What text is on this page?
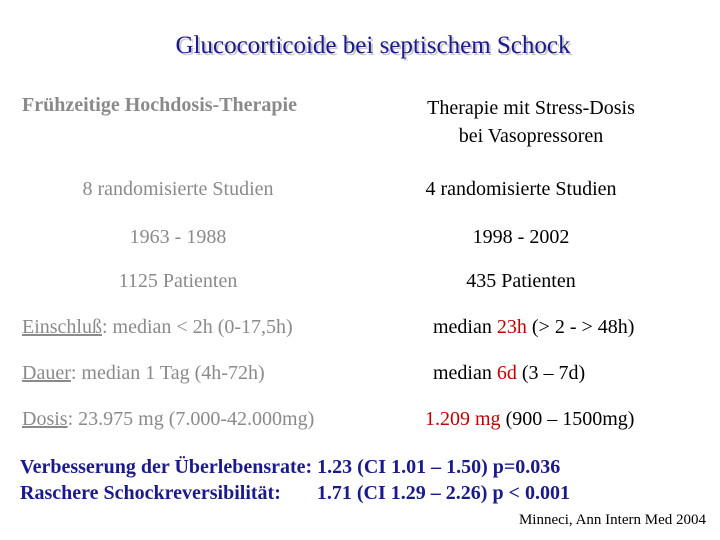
Glucocorticoide bei septischem Schock
Frühzeitige Hochdosis-Therapie	Therapie mit Stress-Dosis
bei Vasopressoren
8 randomisierte Studien	4 randomisierte Studien
1963 - 1988	1998 - 2002
1125 Patienten	435 Patienten
Einschluß: median < 2h (0-17,5h)	median 23h (> 2 - > 48h)
Dauer: median 1 Tag (4h-72h)	median 6d (3 – 7d)
Dosis: 23.975 mg (7.000-42.000mg)	1.209 mg (900 – 1500mg)
Verbesserung der Überlebensrate: 1.23 (CI 1.01 – 1.50) p=0.036
Raschere Schockreversibilität: 1.71 (CI 1.29 – 2.26) p < 0.001
Minneci, Ann Intern Med 2004
